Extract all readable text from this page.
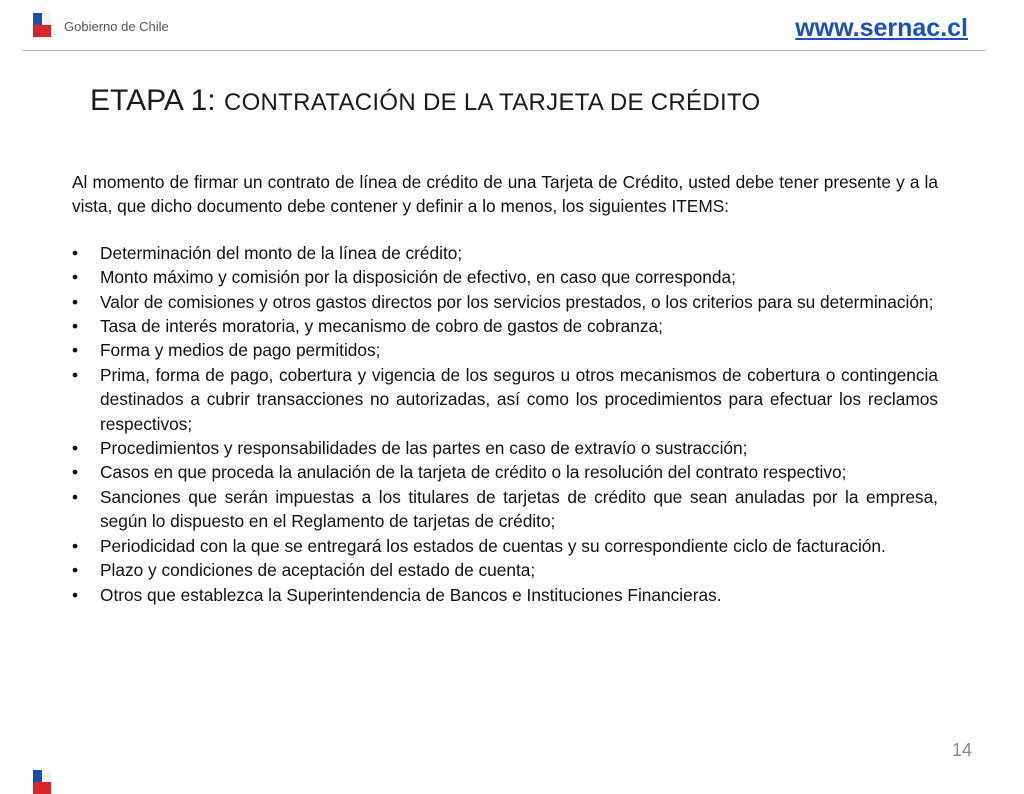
Gobierno de Chile	www.sernac.cl
ETAPA 1: CONTRATACIÓN DE LA TARJETA DE CRÉDITO

Al momento de firmar un contrato de línea de crédito de una Tarjeta de Crédito, usted debe tener presente y a la vista, que dicho documento debe contener y definir a lo menos, los siguientes ITEMS:

• Determinación del monto de la línea de crédito;
• Monto máximo y comisión por la disposición de efectivo, en caso que corresponda;
• Valor de comisiones y otros gastos directos por los servicios prestados, o los criterios para su determinación;
• Tasa de interés moratoria, y mecanismo de cobro de gastos de cobranza;
• Forma y medios de pago permitidos;
• Prima, forma de pago, cobertura y vigencia de los seguros u otros mecanismos de cobertura o contingencia destinados a cubrir transacciones no autorizadas, así como los procedimientos para efectuar los reclamos respectivos;
• Procedimientos y responsabilidades de las partes en caso de extravío o sustracción;
• Casos en que proceda la anulación de la tarjeta de crédito o la resolución del contrato respectivo;
• Sanciones que serán impuestas a los titulares de tarjetas de crédito que sean anuladas por la empresa, según lo dispuesto en el Reglamento de tarjetas de crédito;
• Periodicidad con la que se entregará los estados de cuentas y su correspondiente ciclo de facturación.
• Plazo y condiciones de aceptación del estado de cuenta;
• Otros que establezca la Superintendencia de Bancos e Instituciones Financieras.
14
